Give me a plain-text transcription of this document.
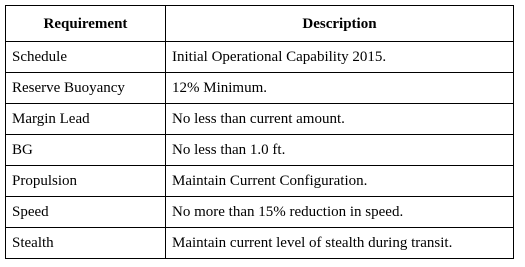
Requirement	Description
Schedule	Initial Operational Capability 2015.
Reserve Buoyancy	12% Minimum.
Margin Lead	No less than current amount.
BG	No less than 1.0 ft.
Propulsion	Maintain Current Configuration.
Speed	No more than 15% reduction in speed.
Stealth	Maintain current level of stealth during transit.
